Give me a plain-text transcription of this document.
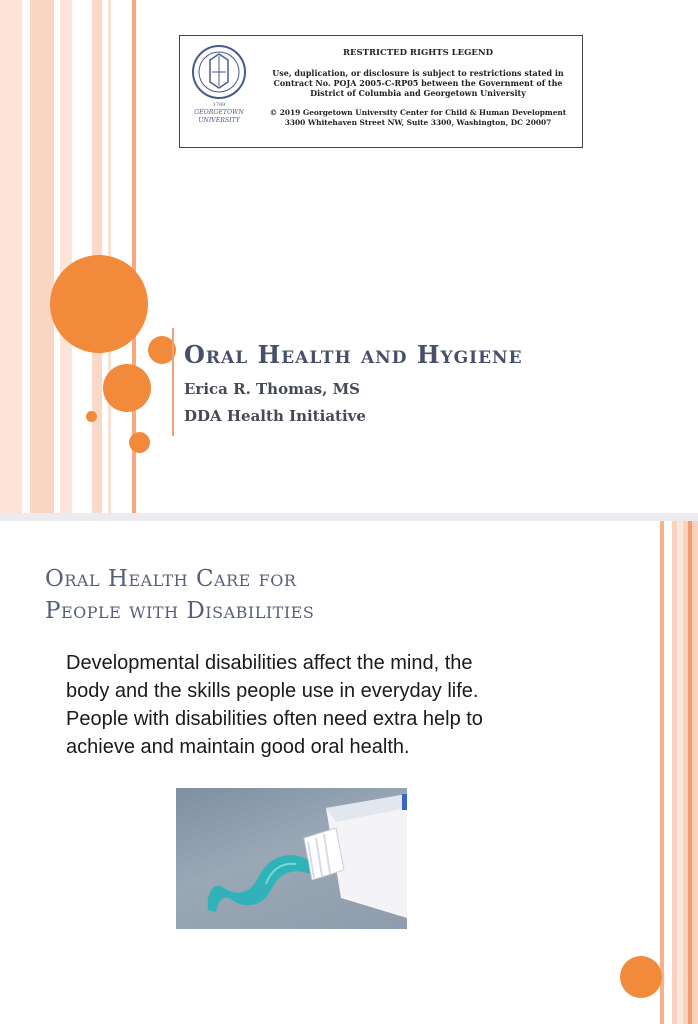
1789
GEORGETOWN
UNIVERSITY
RESTRICTED RIGHTS LEGEND
Use, duplication, or disclosure is subject to restrictions stated in
Contract No. POJA 2005-C-RP05 between the Government of the
District of Columbia and Georgetown University
© 2019 Georgetown University Center for Child & Human Development
3300 Whitehaven Street NW, Suite 3300, Washington, DC 20007
Oral Health and Hygiene
Erica R. Thomas, MS
DDA Health Initiative
Oral Health Care for
People with Disabilities
Developmental disabilities affect the mind, the
body and the skills people use in everyday life.
People with disabilities often need extra help to
achieve and maintain good oral health.
